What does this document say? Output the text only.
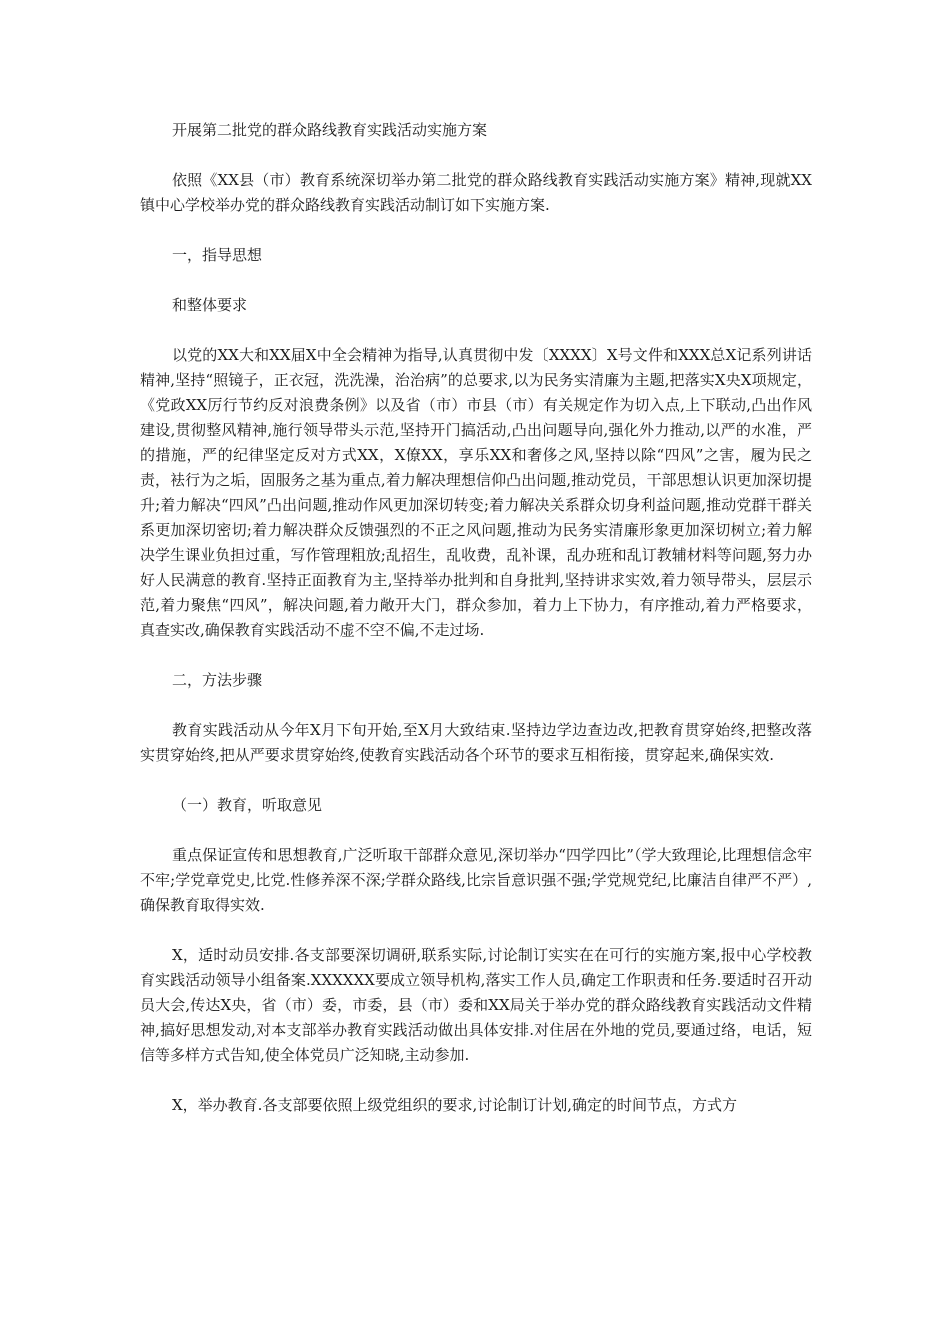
开展第二批党的群众路线教育实践活动实施方案

依照《XX县（市）教育系统深切举办第二批党的群众路线教育实践活动实施方案》精神,现就XX镇中心学校举办党的群众路线教育实践活动制订如下实施方案.

一，指导思想

和整体要求

以党的XX大和XX届X中全会精神为指导,认真贯彻中发〔XXXX〕X号文件和XXX总X记系列讲话精神,坚持“照镜子，正衣冠，洗洗澡，治治病”的总要求,以为民务实清廉为主题,把落实X央X项规定，《党政XX厉行节约反对浪费条例》以及省（市）市县（市）有关规定作为切入点,上下联动,凸出作风建设,贯彻整风精神,施行领导带头示范,坚持开门搞活动,凸出问题导向,强化外力推动,以严的水准，严的措施，严的纪律坚定反对方式XX，X僚XX，享乐XX和奢侈之风,坚持以除“四风”之害，履为民之责，袪行为之垢，固服务之基为重点,着力解决理想信仰凸出问题,推动党员，干部思想认识更加深切提升;着力解决“四风”凸出问题,推动作风更加深切转变;着力解决关系群众切身利益问题,推动党群干群关系更加深切密切;着力解决群众反馈强烈的不正之风问题,推动为民务实清廉形象更加深切树立;着力解决学生课业负担过重，写作管理粗放;乱招生，乱收费，乱补课，乱办班和乱订教辅材料等问题,努力办好人民满意的教育.坚持正面教育为主,坚持举办批判和自身批判,坚持讲求实效,着力领导带头，层层示范,着力聚焦“四风”，解决问题,着力敞开大门，群众参加，着力上下协力，有序推动,着力严格要求，真查实改,确保教育实践活动不虚不空不偏,不走过场.

二，方法步骤

教育实践活动从今年X月下旬开始,至X月大致结束.坚持边学边查边改,把教育贯穿始终,把整改落实贯穿始终,把从严要求贯穿始终,使教育实践活动各个环节的要求互相衔接，贯穿起来,确保实效.

（一）教育，听取意见

重点保证宣传和思想教育,广泛听取干部群众意见,深切举办“四学四比”（学大致理论,比理想信念牢不牢;学党章党史,比党.性修养深不深;学群众路线,比宗旨意识强不强;学党规党纪,比廉洁自律严不严）,确保教育取得实效.

X，适时动员安排.各支部要深切调研,联系实际,讨论制订实实在在可行的实施方案,报中心学校教育实践活动领导小组备案.XXXXXX要成立领导机构,落实工作人员,确定工作职责和任务.要适时召开动员大会,传达X央，省（市）委，市委，县（市）委和XX局关于举办党的群众路线教育实践活动文件精神,搞好思想发动,对本支部举办教育实践活动做出具体安排.对住居在外地的党员,要通过络，电话，短信等多样方式告知,使全体党员广泛知晓,主动参加.

X，举办教育.各支部要依照上级党组织的要求,讨论制订计划,确定的时间节点，方式方
